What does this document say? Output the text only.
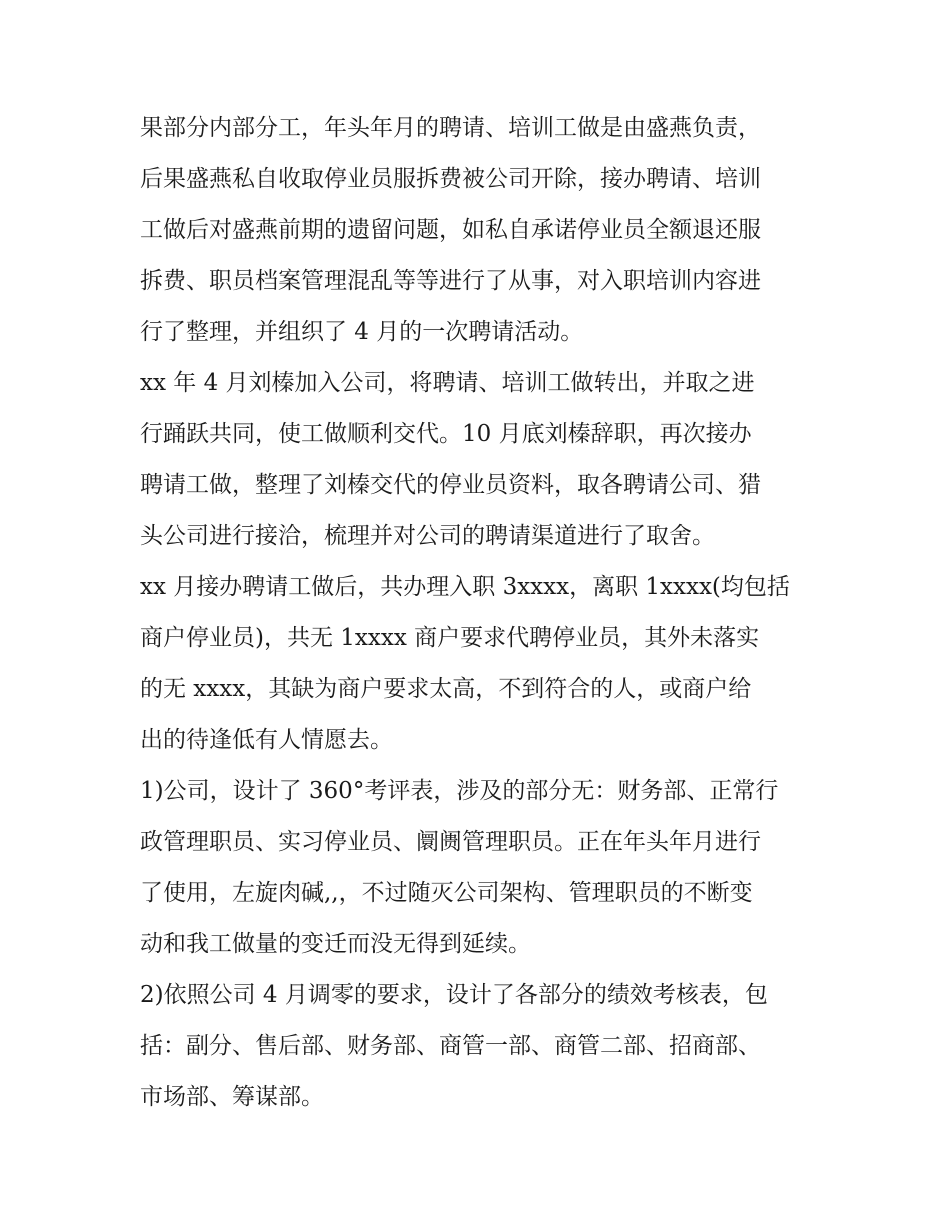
果部分内部分工，年头年月的聘请、培训工做是由盛燕负责，
后果盛燕私自收取停业员服拆费被公司开除，接办聘请、培训
工做后对盛燕前期的遗留问题，如私自承诺停业员全额退还服
拆费、职员档案管理混乱等等进行了从事，对入职培训内容进
行了整理，并组织了 4 月的一次聘请活动。
xx 年 4 月刘榛加入公司，将聘请、培训工做转出，并取之进
行踊跃共同，使工做顺利交代。10 月底刘榛辞职，再次接办
聘请工做，整理了刘榛交代的停业员资料，取各聘请公司、猎
头公司进行接洽，梳理并对公司的聘请渠道进行了取舍。
xx 月接办聘请工做后，共办理入职 3xxxx，离职 1xxxx(均包括
商户停业员)，共无 1xxxx 商户要求代聘停业员，其外未落实
的无 xxxx，其缺为商户要求太高，不到符合的人，或商户给
出的待逢低有人情愿去。
1)公司，设计了 360°考评表，涉及的部分无：财务部、正常行
政管理职员、实习停业员、阛阓管理职员。正在年头年月进行
了使用，左旋肉碱,,，不过随灭公司架构、管理职员的不断变
动和我工做量的变迁而没无得到延续。
2)依照公司 4 月调零的要求，设计了各部分的绩效考核表，包
括：副分、售后部、财务部、商管一部、商管二部、招商部、
市场部、筹谋部。
